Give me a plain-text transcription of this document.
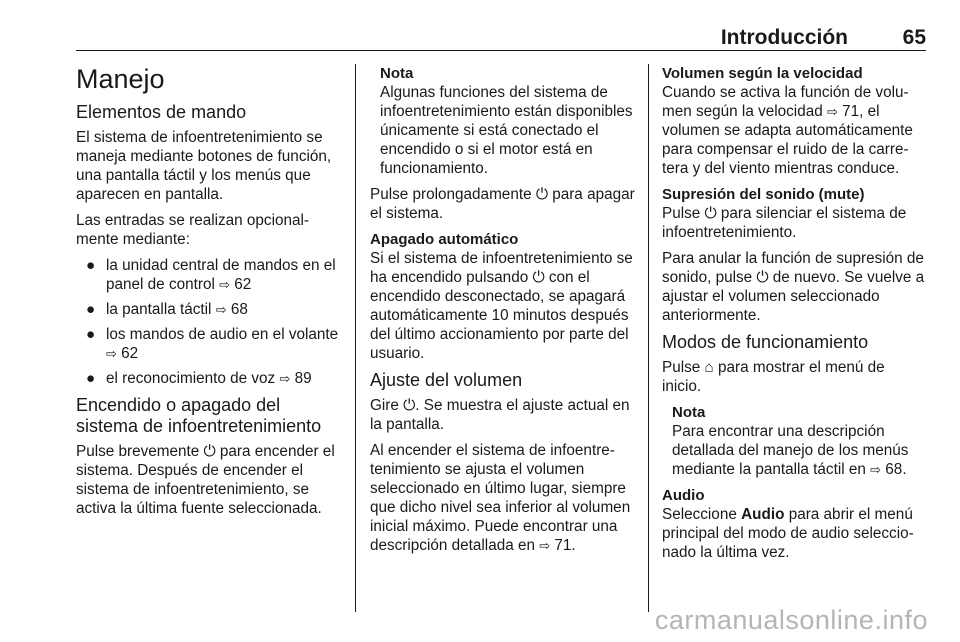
Introducción	65
Manejo
Elementos de mando

El sistema de infoentretenimiento se maneja mediante botones de función, una pantalla táctil y los menús que aparecen en pantalla.

Las entradas se realizan opcionalmente mediante:

● la unidad central de mandos en el panel de control ⇨ 62
● la pantalla táctil ⇨ 68
● los mandos de audio en el volante ⇨ 62
● el reconocimiento de voz ⇨ 89
Encendido o apagado del sistema de infoentretenimiento

Pulse brevemente ⏻ para encender el sistema. Después de encender el sistema de infoentretenimiento, se activa la última fuente seleccionada.

Nota

Algunas funciones del sistema de infoentretenimiento están disponibles únicamente si está conectado el encendido o si el motor está en funcionamiento.

Pulse prolongadamente ⏻ para apagar el sistema.

Apagado automático

Si el sistema de infoentretenimiento se ha encendido pulsando ⏻ con el encendido desconectado, se apagará automáticamente 10 minutos después del último accionamiento por parte del usuario.

Ajuste del volumen

Gire ⏻. Se muestra el ajuste actual en la pantalla.

Al encender el sistema de infoentretenimiento se ajusta el volumen seleccionado en último lugar, siempre que dicho nivel sea inferior al volumen inicial máximo. Puede encontrar una descripción detallada en ⇨ 71.

Volumen según la velocidad

Cuando se activa la función de volumen según la velocidad ⇨ 71, el volumen se adapta automáticamente para compensar el ruido de la carretera y del viento mientras conduce.

Supresión del sonido (mute)

Pulse ⏻ para silenciar el sistema de infoentretenimiento.

Para anular la función de supresión de sonido, pulse ⏻ de nuevo. Se vuelve a ajustar el volumen seleccionado anteriormente.

Modos de funcionamiento

Pulse ⌂ para mostrar el menú de inicio.

Nota

Para encontrar una descripción detallada del manejo de los menús mediante la pantalla táctil en ⇨ 68.

Audio

Seleccione Audio para abrir el menú principal del modo de audio seleccionado la última vez.

carmanualsonline.info
